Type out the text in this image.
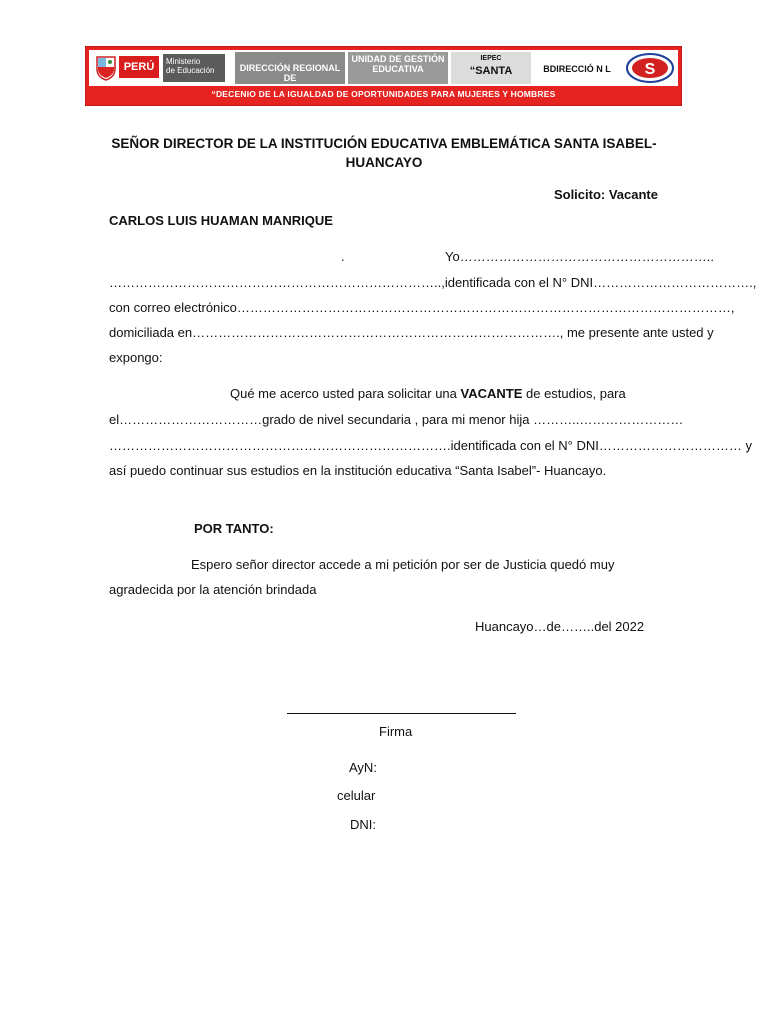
PERÚ	Ministerio
de Educación	DIRECCIÓN REGIONAL DE
UNIDAD DE GESTIÓN EDUCATIVA
IEPEC
“SANTA	BDIRECCIÓ N L	S
“DECENIO DE LA IGUALDAD DE OPORTUNIDADES PARA MUJERES Y HOMBRES
SEÑOR DIRECTOR DE LA INSTITUCIÓN EDUCATIVA EMBLEMÁTICA SANTA ISABEL-HUANCAYO
Solicito: Vacante
CARLOS LUIS HUAMAN MANRIQUE
.	Yo…………………………………………………..
…………………………………………………………………..,identificada con el N° DNI……………………………….,
con correo electrónico……………………………………………………………………………………………………,
domiciliada en…………………………………………………………………………., me presente ante usted y
expongo:
Qué me acerco usted para solicitar una VACANTE de estudios, para
el……………………………grado de nivel secundaria , para mi menor hija ………..……………………
…………………………………………………………………….identificada con el N° DNI…………………………… y
así puedo continuar sus estudios en la institución educativa “Santa Isabel”- Huancayo.
POR TANTO:
Espero señor director accede a mi petición por ser de Justicia quedó muy
agradecida por la atención brindada
Huancayo…de……..del 2022
Firma
AyN:
celular
DNI:
